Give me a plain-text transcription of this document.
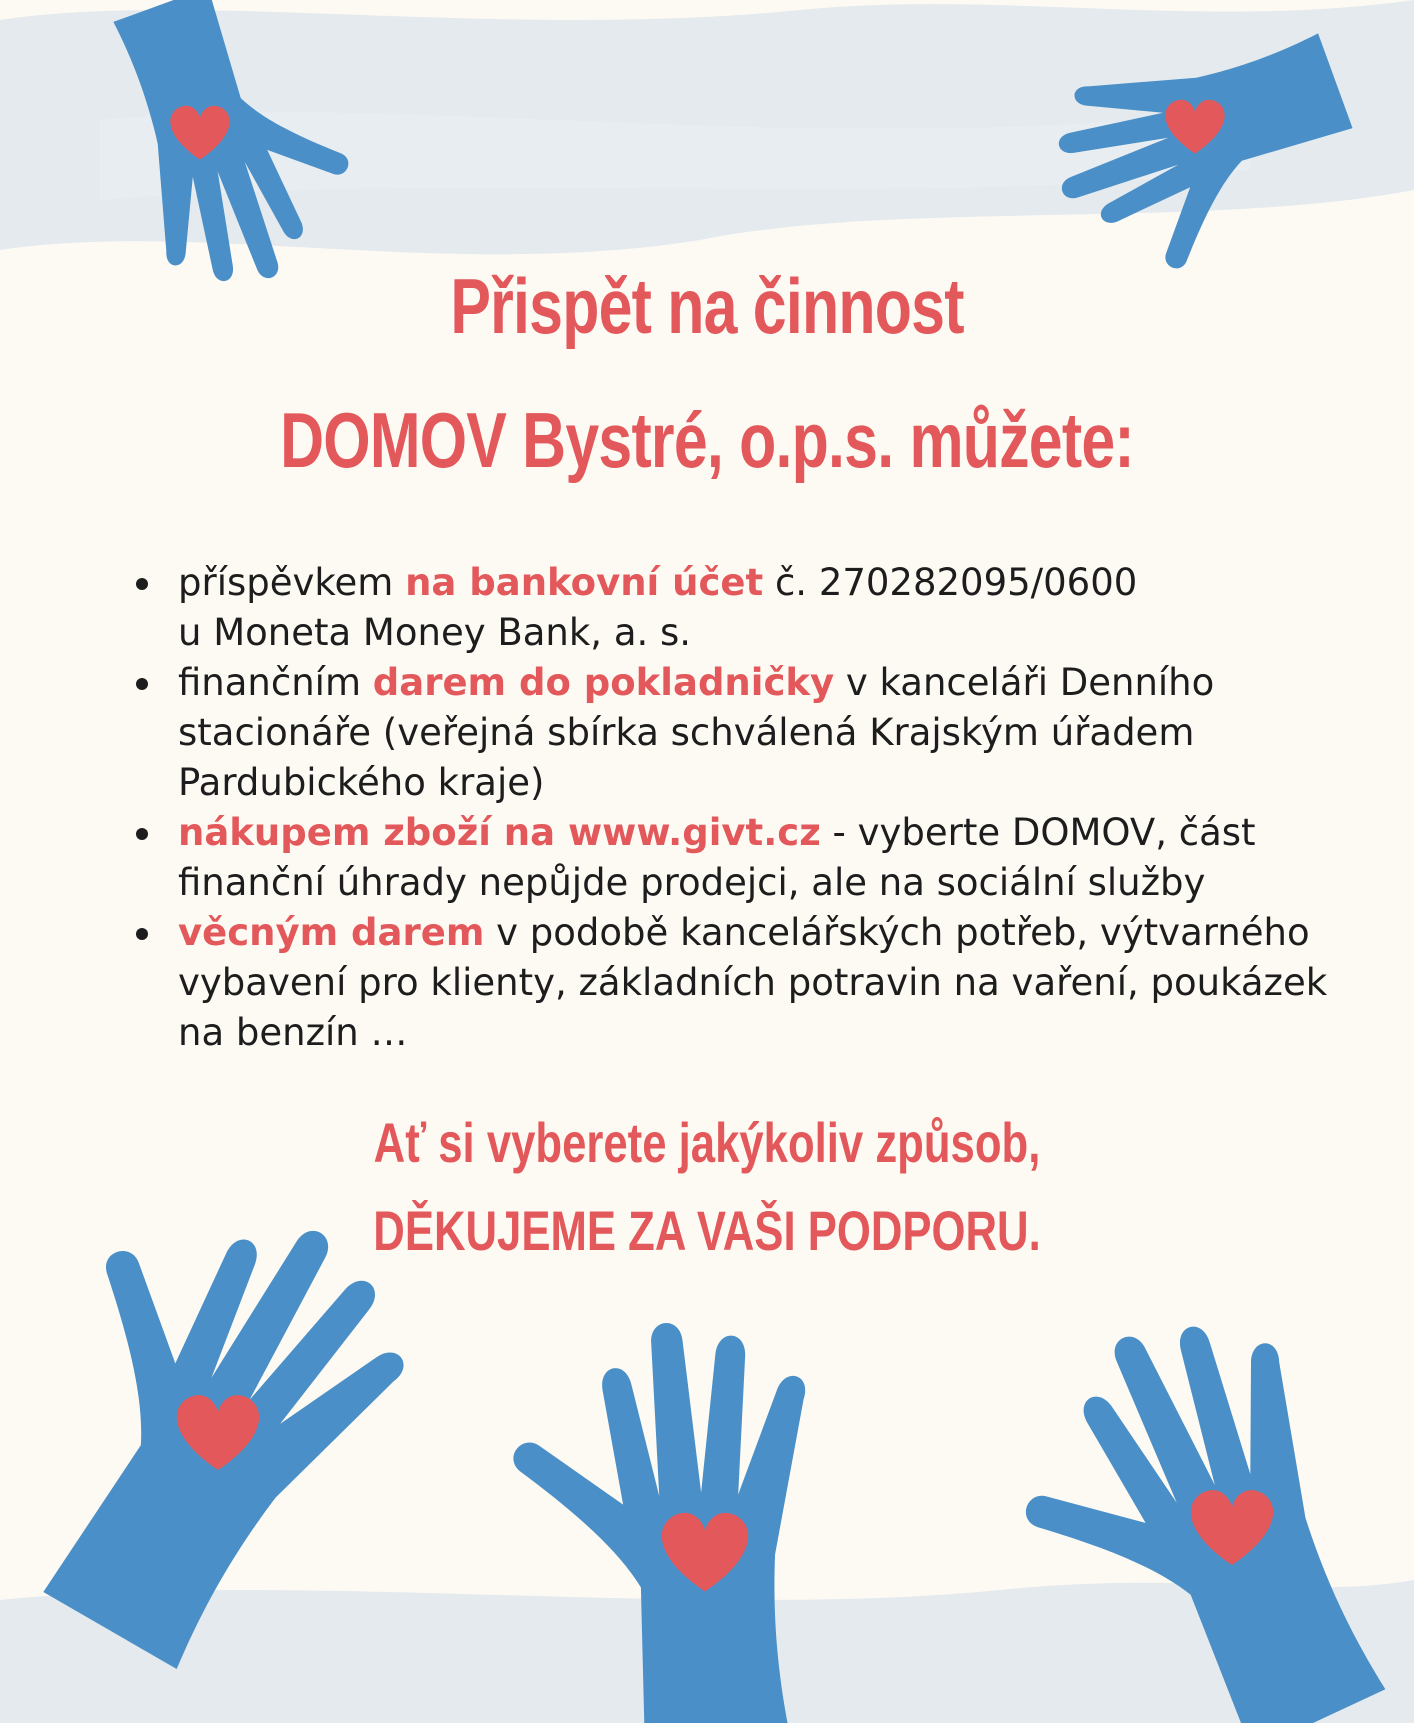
Přispět na činnost
DOMOV Bystré, o.p.s. můžete:
příspěvkem na bankovní účet č. 270282095/0600
u Moneta Money Bank, a. s.
finančním darem do pokladničky v kanceláři Denního stacionáře (veřejná sbírka schválená Krajským úřadem Pardubického kraje)
nákupem zboží na www.givt.cz - vyberte DOMOV, část finanční úhrady nepůjde prodejci, ale na sociální služby
věcným darem v podobě kancelářských potřeb, výtvarného vybavení pro klienty, základních potravin na vaření, poukázek na benzín …
Ať si vyberete jakýkoliv způsob,
DĚKUJEME ZA VAŠI PODPORU.
